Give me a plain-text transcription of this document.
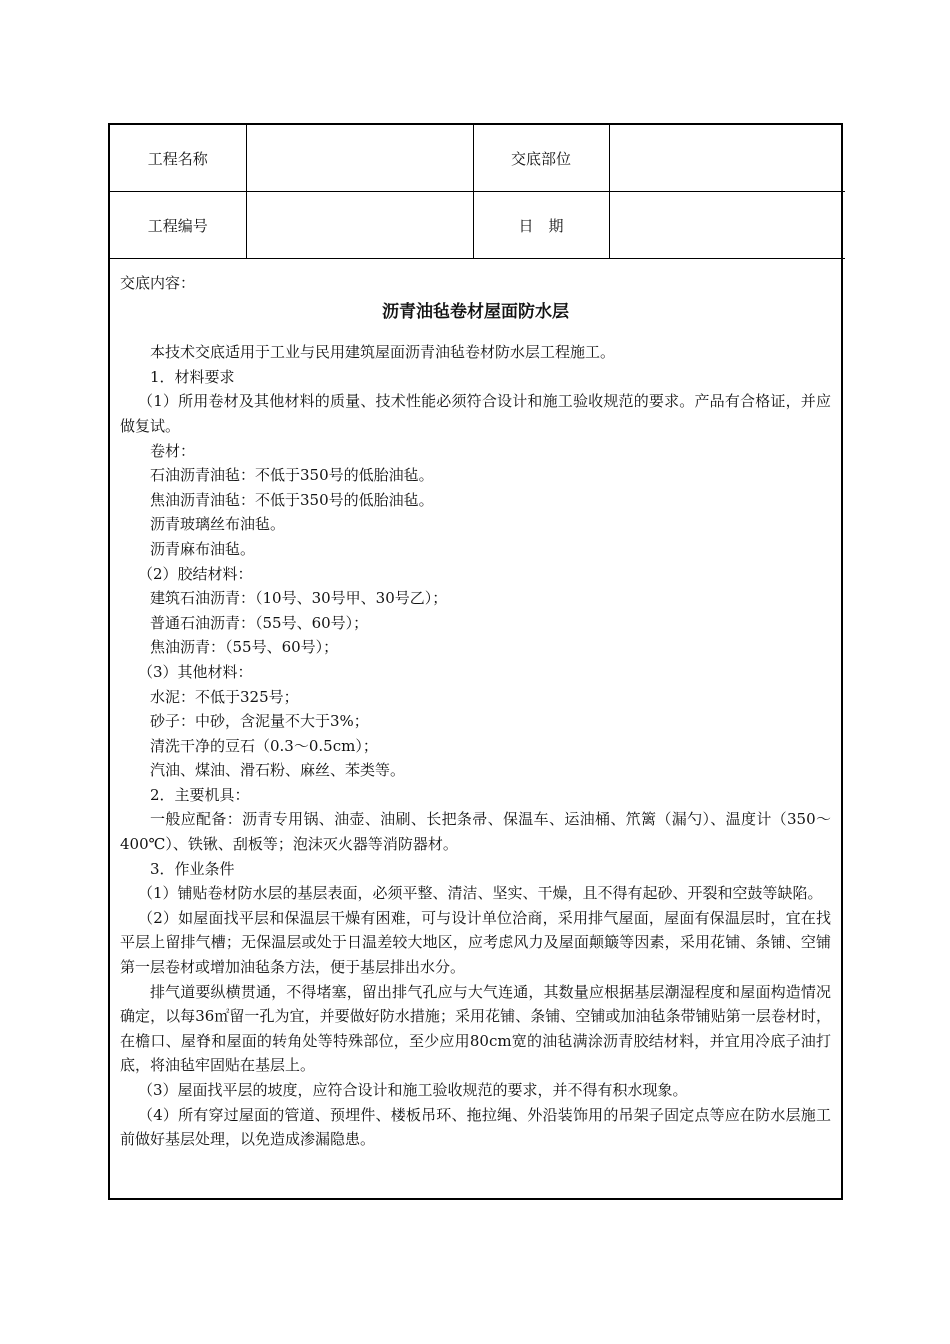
工程名称		交底部位	
工程编号		日　期	

交底内容：

沥青油毡卷材屋面防水层

本技术交底适用于工业与民用建筑屋面沥青油毡卷材防水层工程施工。

1．材料要求

（1）所用卷材及其他材料的质量、技术性能必须符合设计和施工验收规范的要求。产品有合格证，并应做复试。

卷材：

石油沥青油毡：不低于350号的低胎油毡。

焦油沥青油毡：不低于350号的低胎油毡。

沥青玻璃丝布油毡。

沥青麻布油毡。

（2）胶结材料：

建筑石油沥青：（10号、30号甲、30号乙）；

普通石油沥青：（55号、60号）；

焦油沥青：（55号、60号）；

（3）其他材料：

水泥：不低于325号；

砂子：中砂，含泥量不大于3%；

清洗干净的豆石（0.3～0.5cm）；

汽油、煤油、滑石粉、麻丝、苯类等。

2．主要机具：

一般应配备：沥青专用锅、油壶、油刷、长把条帚、保温车、运油桶、笊篱（漏勺）、温度计（350～400℃）、铁锹、刮板等；泡沫灭火器等消防器材。

3．作业条件

（1）铺贴卷材防水层的基层表面，必须平整、清洁、坚实、干燥，且不得有起砂、开裂和空鼓等缺陷。

（2）如屋面找平层和保温层干燥有困难，可与设计单位洽商，采用排气屋面，屋面有保温层时，宜在找平层上留排气槽；无保温层或处于日温差较大地区，应考虑风力及屋面颠簸等因素，采用花铺、条铺、空铺第一层卷材或增加油毡条方法，便于基层排出水分。

排气道要纵横贯通，不得堵塞，留出排气孔应与大气连通，其数量应根据基层潮湿程度和屋面构造情况确定，以每36㎡留一孔为宜，并要做好防水措施；采用花铺、条铺、空铺或加油毡条带铺贴第一层卷材时，在檐口、屋脊和屋面的转角处等特殊部位，至少应用80cm宽的油毡满涂沥青胶结材料，并宜用冷底子油打底，将油毡牢固贴在基层上。

（3）屋面找平层的坡度，应符合设计和施工验收规范的要求，并不得有积水现象。

（4）所有穿过屋面的管道、预埋件、楼板吊环、拖拉绳、外沿装饰用的吊架子固定点等应在防水层施工前做好基层处理，以免造成渗漏隐患。
